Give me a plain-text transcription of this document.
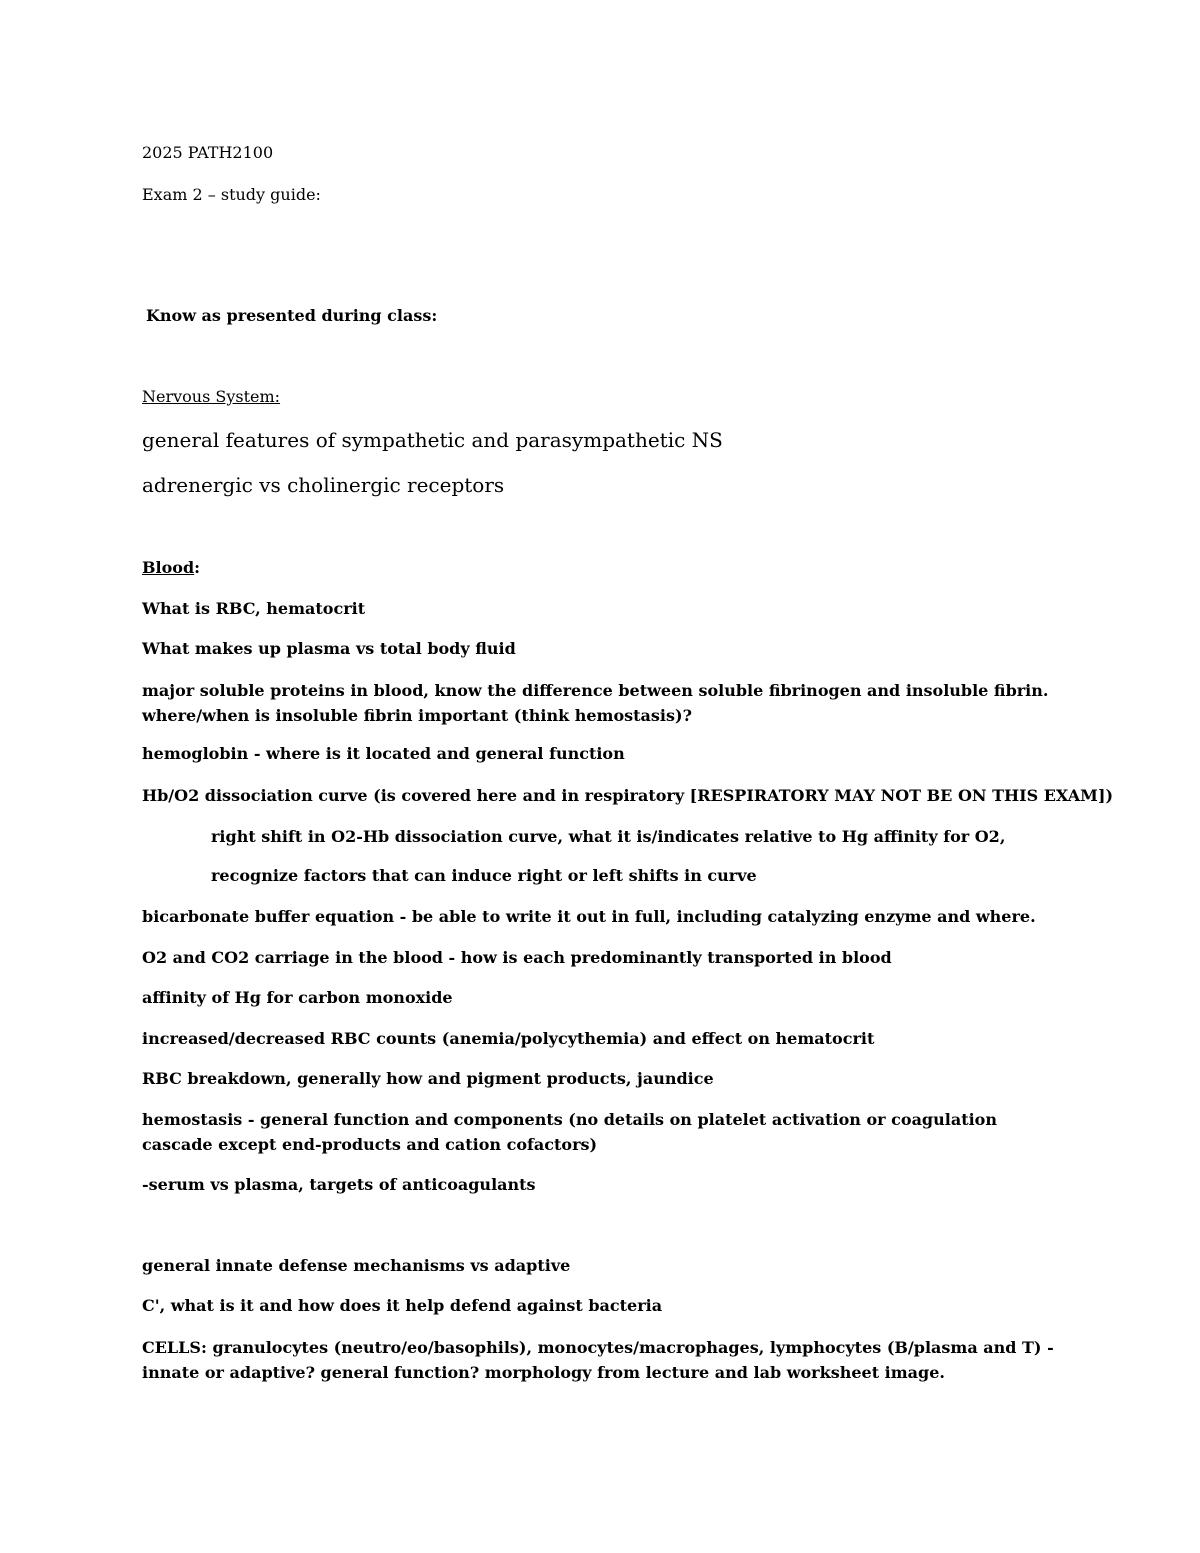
2025 PATH2100
Exam 2 – study guide:
Know as presented during class:
Nervous System:
general features of sympathetic and parasympathetic NS
adrenergic vs cholinergic receptors
Blood:
What is RBC, hematocrit
What makes up plasma vs total body fluid
major soluble proteins in blood, know the difference between soluble fibrinogen and insoluble fibrin. where/when is insoluble fibrin important (think hemostasis)?
hemoglobin - where is it located and general function
Hb/O2 dissociation curve (is covered here and in respiratory [RESPIRATORY MAY NOT BE ON THIS EXAM])
right shift in O2-Hb dissociation curve, what it is/indicates relative to Hg affinity for O2,
recognize factors that can induce right or left shifts in curve
bicarbonate buffer equation - be able to write it out in full, including catalyzing enzyme and where.
O2 and CO2 carriage in the blood - how is each predominantly transported in blood
affinity of Hg for carbon monoxide
increased/decreased RBC counts (anemia/polycythemia) and effect on hematocrit
RBC breakdown, generally how and pigment products, jaundice
hemostasis - general function and components (no details on platelet activation or coagulation cascade except end-products and cation cofactors)
-serum vs plasma, targets of anticoagulants
general innate defense mechanisms vs adaptive
C', what is it and how does it help defend against bacteria
CELLS: granulocytes (neutro/eo/basophils), monocytes/macrophages, lymphocytes (B/plasma and T) - innate or adaptive? general function? morphology from lecture and lab worksheet image.
